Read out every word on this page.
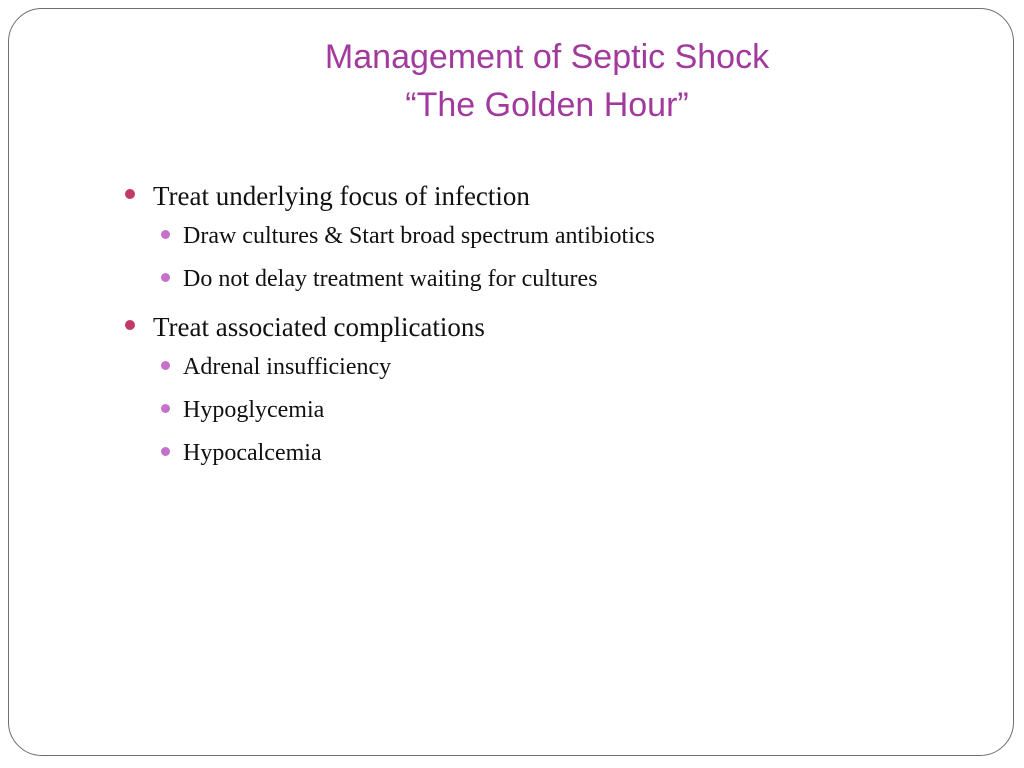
Management of Septic Shock
“The Golden Hour”
Treat underlying focus of infection
Draw cultures & Start broad spectrum antibiotics
Do not delay treatment waiting for cultures
Treat associated complications
Adrenal insufficiency
Hypoglycemia
Hypocalcemia
